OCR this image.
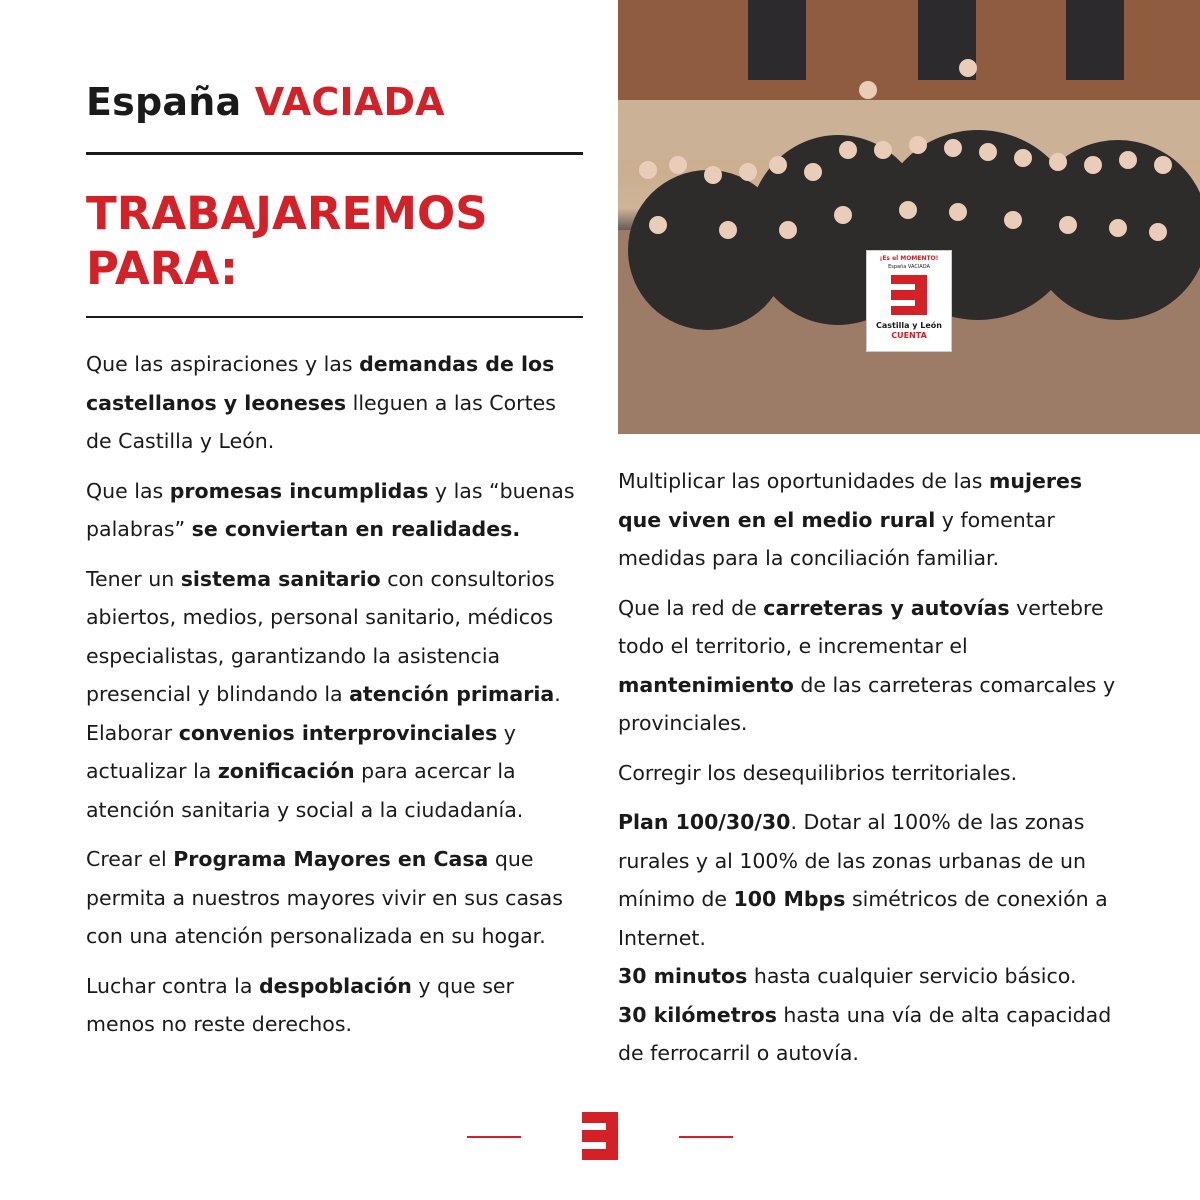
España VACIADA
TRABAJAREMOS
PARA:

Que las aspiraciones y las demandas de los castellanos y leoneses lleguen a las Cortes de Castilla y León.

Que las promesas incumplidas y las “buenas palabras” se conviertan en realidades.

Tener un sistema sanitario con consultorios abiertos, medios, personal sanitario, médicos especialistas, garantizando la asistencia presencial y blindando la atención primaria. Elaborar convenios interprovinciales y actualizar la zonificación para acercar la atención sanitaria y social a la ciudadanía.

Crear el Programa Mayores en Casa que permita a nuestros mayores vivir en sus casas con una atención personalizada en su hogar.

Luchar contra la despoblación y que ser menos no reste derechos.

¡Es el MOMENTO!
España VACIADA
Castilla y León
CUENTA

Multiplicar las oportunidades de las mujeres que viven en el medio rural y fomentar medidas para la conciliación familiar.

Que la red de carreteras y autovías vertebre todo el territorio, e incrementar el mantenimiento de las carreteras comarcales y provinciales.

Corregir los desequilibrios territoriales.

Plan 100/30/30. Dotar al 100% de las zonas rurales y al 100% de las zonas urbanas de un mínimo de 100 Mbps simétricos de conexión a Internet.

30 minutos hasta cualquier servicio básico.

30 kilómetros hasta una vía de alta capacidad de ferrocarril o autovía.
